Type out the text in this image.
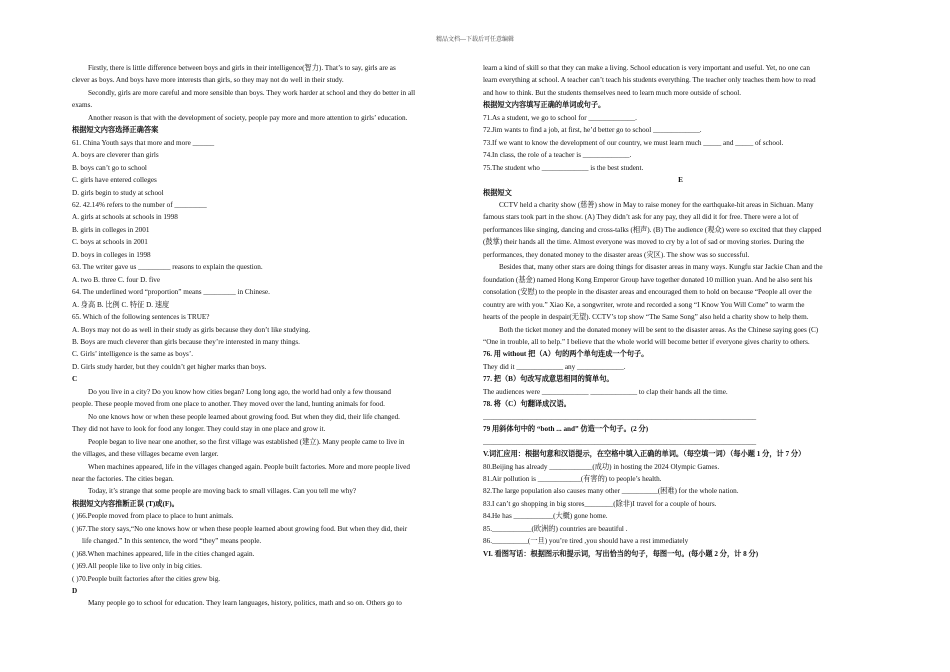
精品文档---下载后可任意编辑
Firstly, there is little difference between boys and girls in their intelligence(智力). That’s to say, girls are as
clever as boys. And boys have more interests than girls, so they may not do well in their study.
Secondly, girls are more careful and more sensible than boys. They work harder at school and they do better in all
exams.
Another reason is that with the development of society, people pay more and more attention to girls’ education.
根据短文内容选择正确答案
61. China Youth says that more and more ______
A. boys are cleverer than girls
B. boys can’t go to school
C. girls have entered colleges
D. girls begin to study at school
62. 42.14% refers to the number of _________
A. girls at schools at schools in 1998
B. girls in colleges in 2001
C. boys at schools in 2001
D. boys in colleges in 1998
63. The writer gave us _________ reasons to explain the question.
A. two B. three C. four D. five
64. The underlined word “proportion” means _________ in Chinese.
A. 身高 B. 比例 C. 特征 D. 速度
65. Which of the following sentences is TRUE?
A. Boys may not do as well in their study as girls because they don’t like studying.
B. Boys are much cleverer than girls because they’re interested in many things.
C. Girls’ intelligence is the same as boys’.
D. Girls study harder, but they couldn’t get higher marks than boys.
C
Do you live in a city? Do you know how cities began? Long long ago, the world had only a few thousand
people. These people moved from one place to another. They moved over the land, hunting animals for food.
No one knows how or when these people learned about growing food. But when they did, their life changed.
They did not have to look for food any longer. They could stay in one place and grow it.
People began to live near one another, so the first village was established (建立). Many people came to live in
the villages, and these villages became even larger.
When machines appeared, life in the villages changed again. People built factories. More and more people lived
near the factories. The cities began.
Today, it’s strange that some people are moving back to small villages. Can you tell me why?
根据短文内容推断正误 (T)或(F)。
( )66.People moved from place to place to hunt animals.
( )67.The story says,“No one knows how or when these people learned about growing food. But when they did, their
life changed.” In this sentence, the word “they” means people.
( )68.When machines appeared, life in the cities changed again.
( )69.All people like to live only in big cities.
( )70.People built factories after the cities grew big.
D
Many people go to school for education. They learn languages, history, politics, math and so on. Others go to
learn a kind of skill so that they can make a living. School education is very important and useful. Yet, no one can
learn everything at school. A teacher can’t teach his students everything. The teacher only teaches them how to read
and how to think. But the students themselves need to learn much more outside of school.
根据短文内容填写正确的单词或句子。
71.As a student, we go to school for _____________.
72.Jim wants to find a job, at first, he’d better go to school _____________.
73.If we want to know the development of our country, we must learn much _____ and _____ of school.
74.In class, the role of a teacher is _____________.
75.The student who _____________ is the best student.
E
根据短文
CCTV held a charity show (慈善) show in May to raise money for the earthquake-hit areas in Sichuan. Many
famous stars took part in the show. (A) They didn’t ask for any pay, they all did it for free. There were a lot of
performances like singing, dancing and cross-talks (相声). (B) The audience (观众) were so excited that they clapped
(鼓掌) their hands all the time. Almost everyone was moved to cry by a lot of sad or moving stories. During the
performances, they donated money to the disaster areas (灾区). The show was so successful.
Besides that, many other stars are doing things for disaster areas in many ways. Kungfu star Jackie Chan and the
foundation (基金) named Hong Kong Emperor Group have together donated 10 million yuan. And he also sent his
consolation (安慰) to the people in the disaster areas and encouraged them to hold on because “People all over the
country are with you.” Xiao Ke, a songwriter, wrote and recorded a song “I Know You Will Come” to warm the
hearts of the people in despair(无望). CCTV’s top show “The Same Song” also held a charity show to help them.
Both the ticket money and the donated money will be sent to the disaster areas. As the Chinese saying goes (C)
“One in trouble, all to help.” I believe that the whole world will become better if everyone gives charity to others.
76. 用 without 把（A）句的两个单句连成一个句子。
They did it _____________ any _____________.
77. 把（B）句改写成意思相同的简单句。
The audiences were _____________ _____________ to clap their hands all the time.
78. 将（C）句翻译成汉语。
____________________________________________________________________________
79 用斜体句中的 “both ... and” 仿造一个句子。(2 分)
____________________________________________________________________________
V.词汇应用：根据句意和汉语提示，在空格中填入正确的单词。（每空填一词）（每小题 1 分，计 7 分）
80.Beijing has already ____________(成功) in hosting the 2024 Olympic Games.
81.Air pollution is ____________(有害的) to people’s health.
82.The large population also causes many other __________(困难) for the whole nation.
83.I can’t go shopping in big stores________(除非)I travel for a couple of hours.
84.He has ___________(大概) gone home.
85.___________(欧洲的) countries are beautiful .
86.__________(一旦) you’re tired ,you should have a rest immediately
VI. 看图写话：根据图示和提示词，写出恰当的句子，每图一句。(每小题 2 分，计 8 分)
